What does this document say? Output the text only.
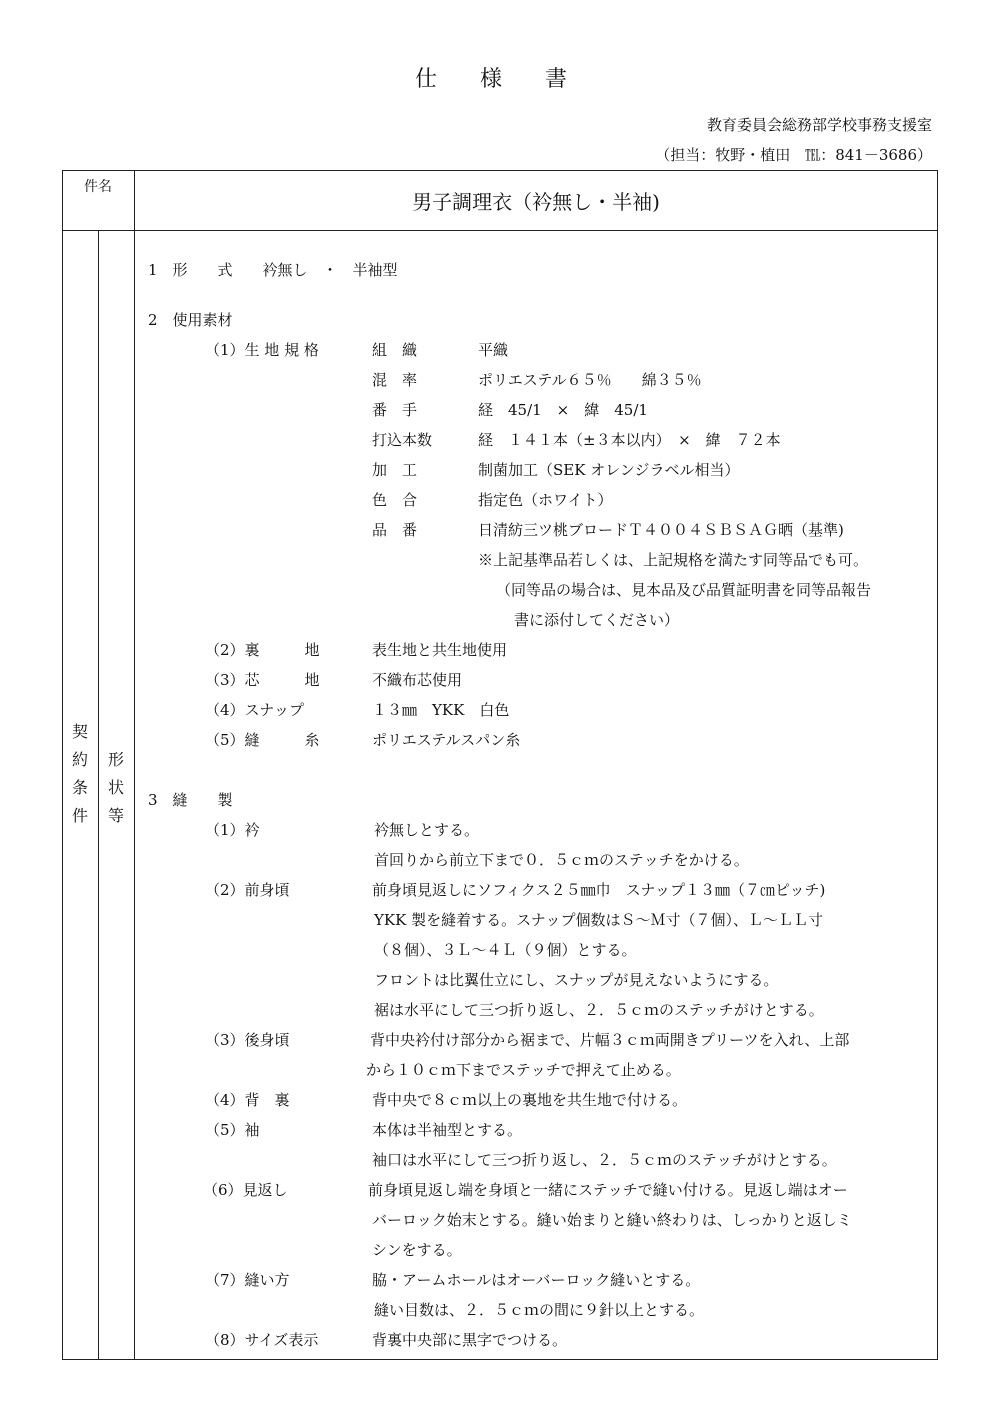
仕 様 書
教育委員会総務部学校事務支援室
（担当：牧野・植田　℡：841－3686）
件名
男子調理衣（衿無し・半袖)
契
約
条
件
形
状
等
1　形　　式　　衿無し　・　半袖型
2　使用素材
（1）生 地 規 格	組　織	平織
混　率	ポリエステル６５％　　綿３５％
番　手	経　45/1　×　緯　45/1
打込本数	経　１４１本（±３本以内）　×　緯　７２本
加　工	制菌加工（SEK オレンジラベル相当）
色　合	指定色（ホワイト）
品　番	日清紡三ツ桃ブロードＴ４００４ＳＢＳＡＧ晒（基準)
※上記基準品若しくは、上記規格を満たす同等品でも可。
（同等品の場合は、見本品及び品質証明書を同等品報告
書に添付してください）
（2）裏　　　地	表生地と共生地使用
（3）芯　　　地	不織布芯使用
（4）スナップ	１３㎜　YKK　白色
（5）縫　　　糸	ポリエステルスパン糸
3　縫　　製
（1）衿	衿無しとする。
首回りから前立下まで０．５ｃｍのステッチをかける。
（2）前身頃	前身頃見返しにソフィクス２５㎜巾　スナップ１３㎜（７㎝ピッチ)
YKK 製を縫着する。スナップ個数はＳ～Ｍ寸（７個）、Ｌ～ＬＬ寸
（８個）、３Ｌ～４Ｌ（９個）とする。
フロントは比翼仕立にし、スナップが見えないようにする。
裾は水平にして三つ折り返し、２．５ｃｍのステッチがけとする。
（3）後身頃	背中央衿付け部分から裾まで、片幅３ｃｍ両開きプリーツを入れ、上部
から１０ｃｍ下までステッチで押えて止める。
（4）背　裏	背中央で８ｃｍ以上の裏地を共生地で付ける。
（5）袖	本体は半袖型とする。
袖口は水平にして三つ折り返し、２．５ｃｍのステッチがけとする。
（6）見返し	前身頃見返し端を身頃と一緒にステッチで縫い付ける。見返し端はオー
バーロック始末とする。縫い始まりと縫い終わりは、しっかりと返しミ
シンをする。
（7）縫い方	脇・アームホールはオーバーロック縫いとする。
縫い目数は、２．５ｃｍの間に９針以上とする。
（8）サイズ表示	背裏中央部に黒字でつける。
